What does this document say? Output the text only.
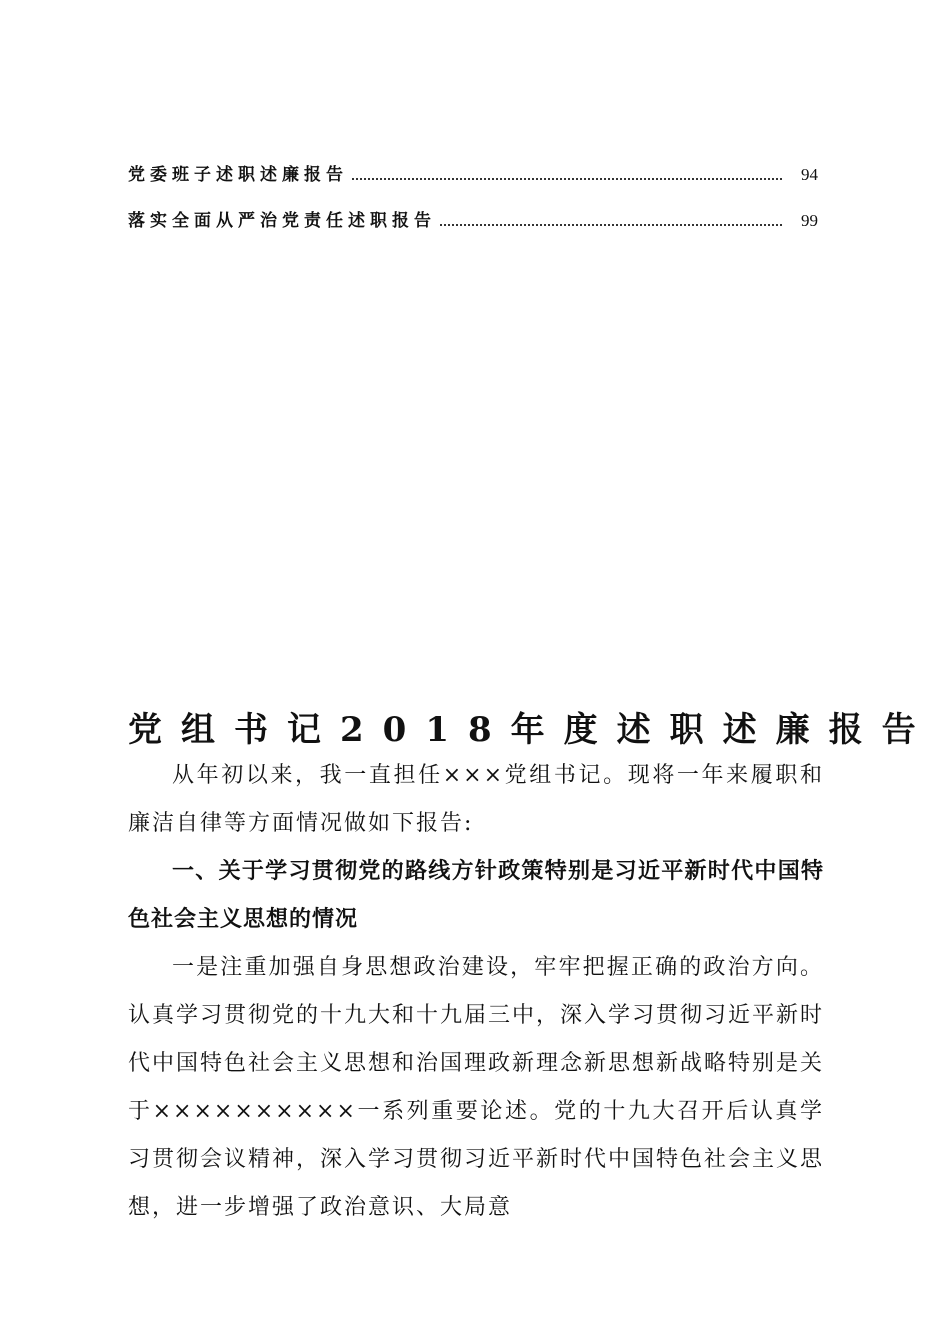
党委班子述职述廉报告	94
落实全面从严治党责任述职报告	99
党组书记2018年度述职述廉报告

从年初以来，我一直担任×××党组书记。现将一年来履职和廉洁自律等方面情况做如下报告:

一、关于学习贯彻党的路线方针政策特别是习近平新时代中国特色社会主义思想的情况

一是注重加强自身思想政治建设，牢牢把握正确的政治方向。认真学习贯彻党的十九大和十九届三中，深入学习贯彻习近平新时代中国特色社会主义思想和治国理政新理念新思想新战略特别是关于××××××××××一系列重要论述。党的十九大召开后认真学习贯彻会议精神，深入学习贯彻习近平新时代中国特色社会主义思想，进一步增强了政治意识、大局意
